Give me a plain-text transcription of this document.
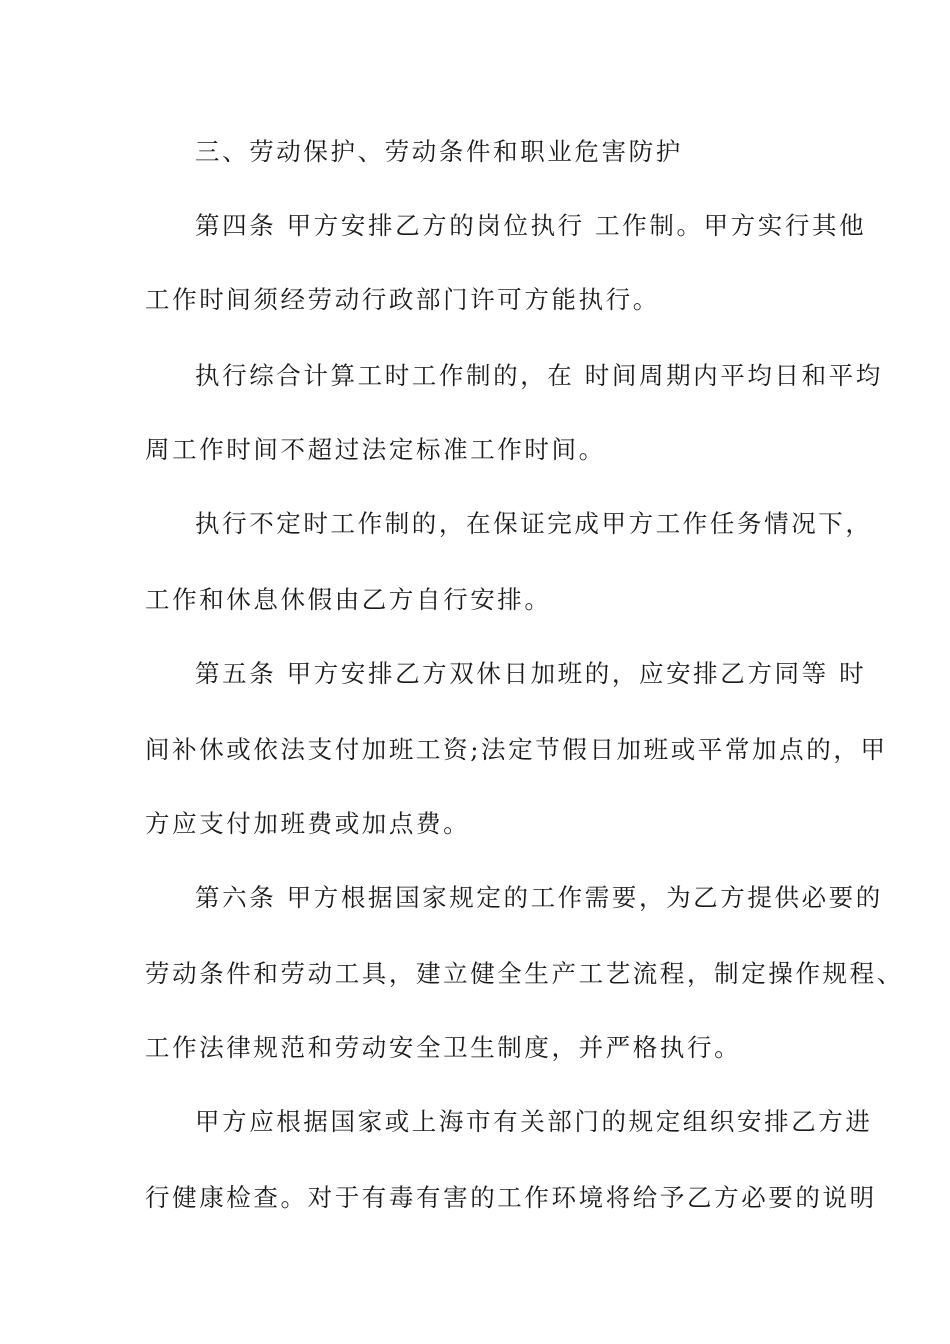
三、劳动保护、劳动条件和职业危害防护
第四条 甲方安排乙方的岗位执行 工作制。甲方实行其他
工作时间须经劳动行政部门许可方能执行。
执行综合计算工时工作制的，在 时间周期内平均日和平均
周工作时间不超过法定标准工作时间。
执行不定时工作制的，在保证完成甲方工作任务情况下，
工作和休息休假由乙方自行安排。
第五条 甲方安排乙方双休日加班的，应安排乙方同等 时
间补休或依法支付加班工资;法定节假日加班或平常加点的，甲
方应支付加班费或加点费。
第六条 甲方根据国家规定的工作需要，为乙方提供必要的
劳动条件和劳动工具，建立健全生产工艺流程，制定操作规程、
工作法律规范和劳动安全卫生制度，并严格执行。
甲方应根据国家或上海市有关部门的规定组织安排乙方进
行健康检查。对于有毒有害的工作环境将给予乙方必要的说明
